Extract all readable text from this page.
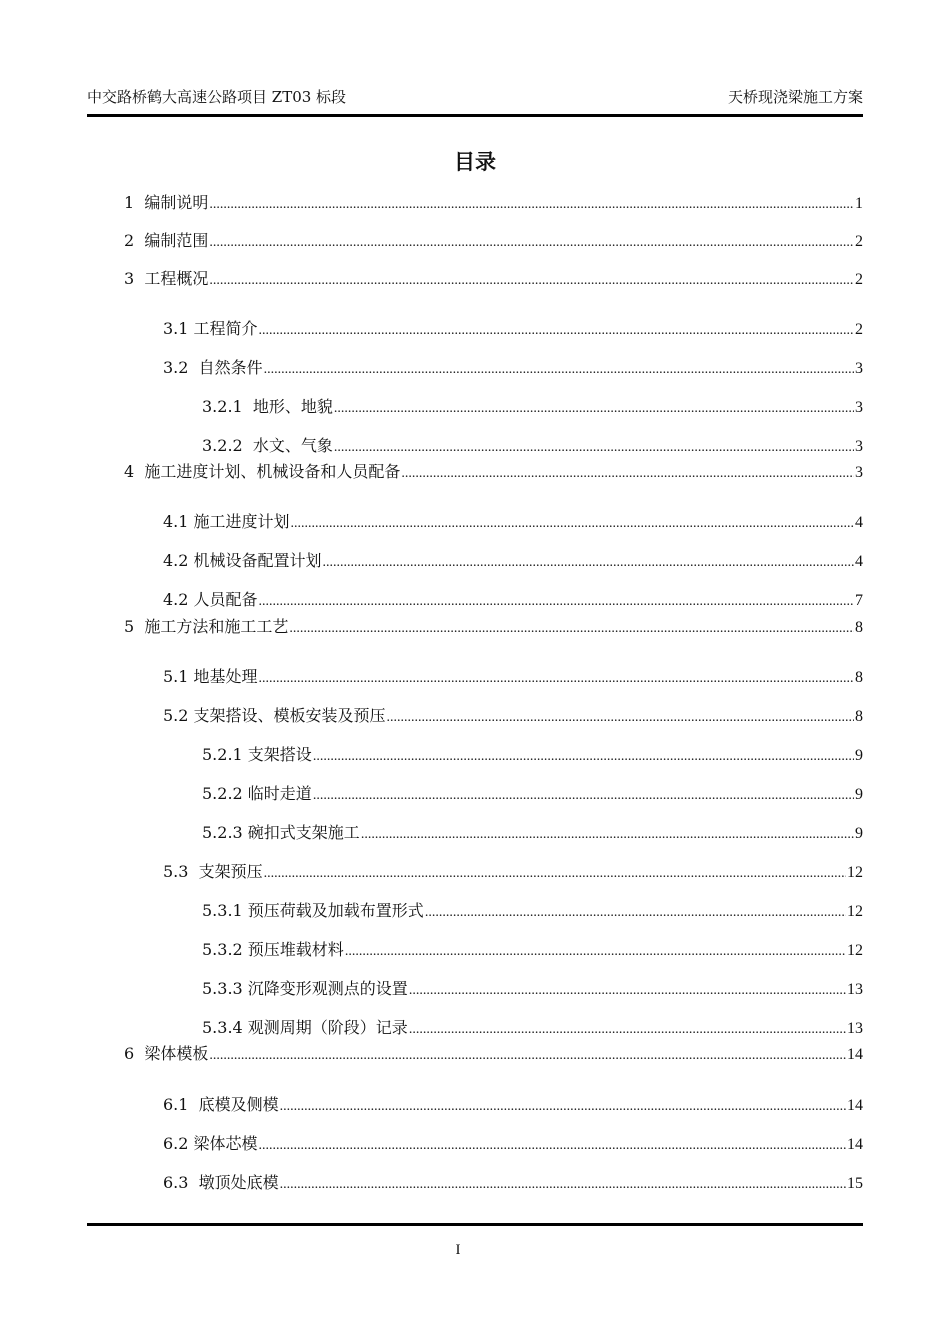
中交路桥鹤大高速公路项目 ZT03 标段	天桥现浇梁施工方案
目录
1  编制说明 .....	1
2  编制范围 .....	2
3  工程概况 .....	2
3.1 工程简介 .....	2
3.2  自然条件 .....	3
3.2.1  地形、地貌 .....	3
3.2.2  水文、气象 .....	3
4  施工进度计划、机械设备和人员配备 .....	3
4.1 施工进度计划 .....	4
4.2 机械设备配置计划 .....	4
4.2 人员配备 .....	7
5  施工方法和施工工艺 .....	8
5.1 地基处理 .....	8
5.2 支架搭设、模板安装及预压 .....	8
5.2.1 支架搭设 .....	9
5.2.2 临时走道 .....	9
5.2.3 碗扣式支架施工 .....	9
5.3  支架预压 .....	12
5.3.1 预压荷载及加载布置形式 .....	12
5.3.2 预压堆载材料 .....	12
5.3.3 沉降变形观测点的设置 .....	13
5.3.4 观测周期（阶段）记录 .....	13
6  梁体模板 .....	14
6.1  底模及侧模 .....	14
6.2 梁体芯模 .....	14
6.3  墩顶处底模 .....	15
I
